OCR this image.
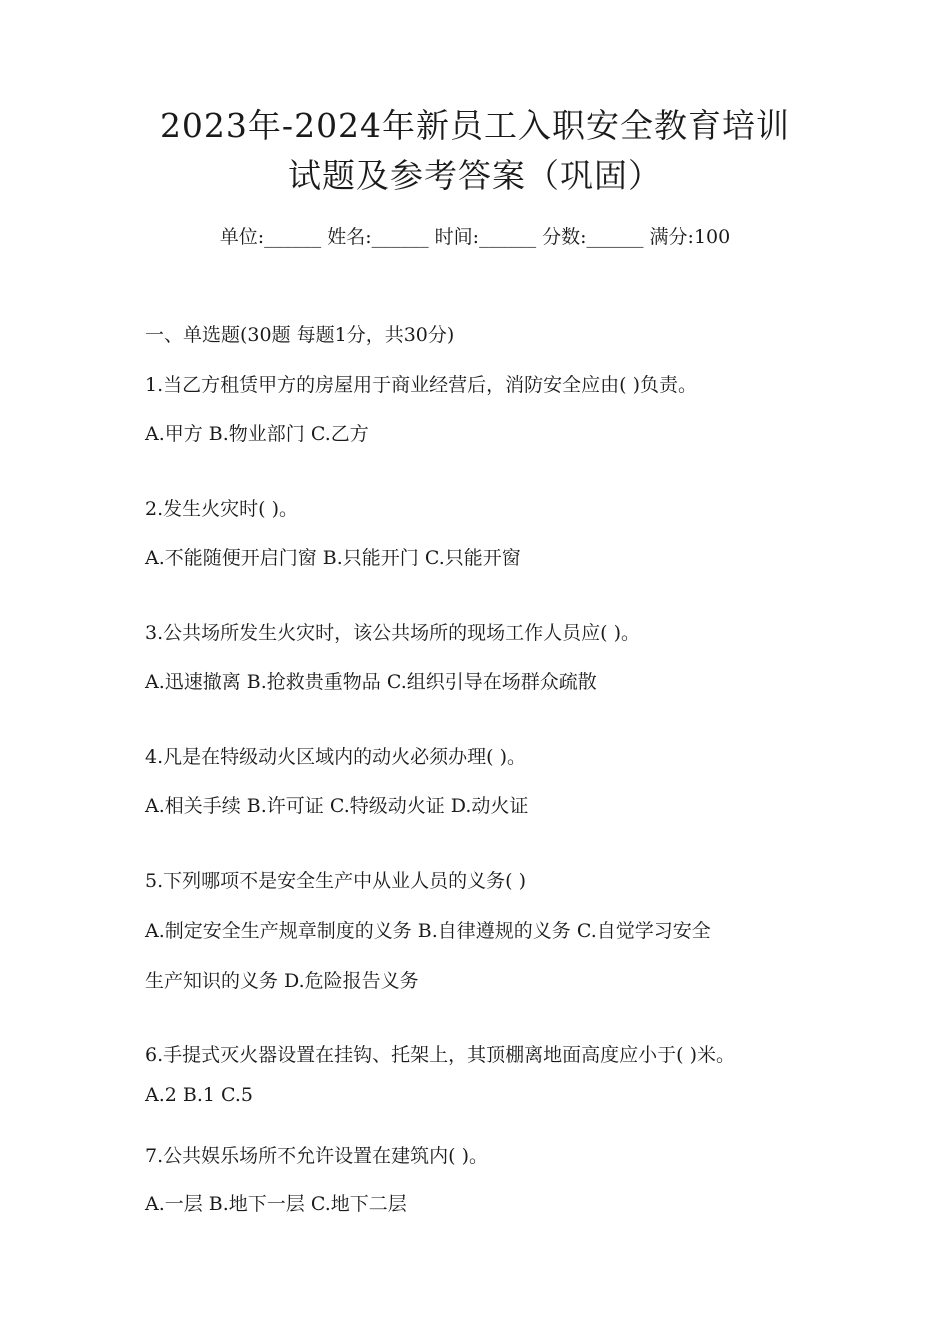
2023年-2024年新员工入职安全教育培训
试题及参考答案（巩固）
单位:______ 姓名:______ 时间:______ 分数:______ 满分:100
一、单选题(30题 每题1分，共30分)
1.当乙方租赁甲方的房屋用于商业经营后，消防安全应由( )负责。
A.甲方 B.物业部门 C.乙方
2.发生火灾时( )。
A.不能随便开启门窗 B.只能开门 C.只能开窗
3.公共场所发生火灾时，该公共场所的现场工作人员应( )。
A.迅速撤离 B.抢救贵重物品 C.组织引导在场群众疏散
4.凡是在特级动火区域内的动火必须办理( )。
A.相关手续 B.许可证 C.特级动火证 D.动火证
5.下列哪项不是安全生产中从业人员的义务( )
A.制定安全生产规章制度的义务 B.自律遵规的义务 C.自觉学习安全
生产知识的义务 D.危险报告义务
6.手提式灭火器设置在挂钩、托架上，其顶棚离地面高度应小于( )米。
A.2 B.1 C.5
7.公共娱乐场所不允许设置在建筑内( )。
A.一层 B.地下一层 C.地下二层
